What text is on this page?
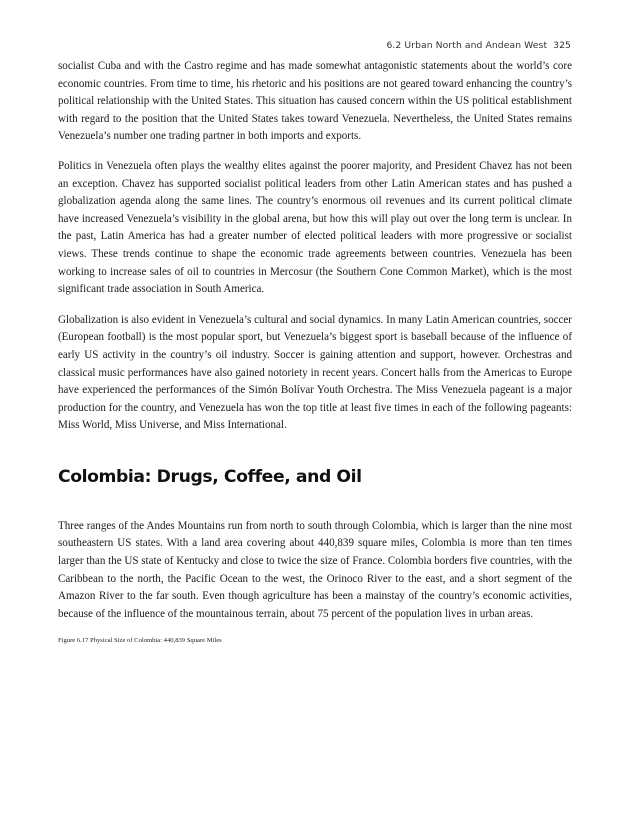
6.2 Urban North and Andean West 325

socialist Cuba and with the Castro regime and has made somewhat antagonistic statements about the world’s core economic countries. From time to time, his rhetoric and his positions are not geared toward enhancing the country’s political relationship with the United States. This situation has caused concern within the US political establishment with regard to the position that the United States takes toward Venezuela. Nevertheless, the United States remains Venezuela’s number one trading partner in both imports and exports.

Politics in Venezuela often plays the wealthy elites against the poorer majority, and President Chavez has not been an exception. Chavez has supported socialist political leaders from other Latin American states and has pushed a globalization agenda along the same lines. The country’s enormous oil revenues and its current political climate have increased Venezuela’s visibility in the global arena, but how this will play out over the long term is unclear. In the past, Latin America has had a greater number of elected political leaders with more progressive or socialist views. These trends continue to shape the economic trade agreements between countries. Venezuela has been working to increase sales of oil to countries in Mercosur (the Southern Cone Common Market), which is the most significant trade association in South America.

Globalization is also evident in Venezuela’s cultural and social dynamics. In many Latin American countries, soccer (European football) is the most popular sport, but Venezuela’s biggest sport is baseball because of the influence of early US activity in the country’s oil industry. Soccer is gaining attention and support, however. Orchestras and classical music performances have also gained notoriety in recent years. Concert halls from the Americas to Europe have experienced the performances of the Simón Bolívar Youth Orchestra. The Miss Venezuela pageant is a major production for the country, and Venezuela has won the top title at least five times in each of the following pageants: Miss World, Miss Universe, and Miss International.

Colombia: Drugs, Coffee, and Oil

Three ranges of the Andes Mountains run from north to south through Colombia, which is larger than the nine most southeastern US states. With a land area covering about 440,839 square miles, Colombia is more than ten times larger than the US state of Kentucky and close to twice the size of France. Colombia borders five countries, with the Caribbean to the north, the Pacific Ocean to the west, the Orinoco River to the east, and a short segment of the Amazon River to the far south. Even though agriculture has been a mainstay of the country’s economic activities, because of the influence of the mountainous terrain, about 75 percent of the population lives in urban areas.

Figure 6.17 Physical Size of Colombia: 440,839 Square Miles
